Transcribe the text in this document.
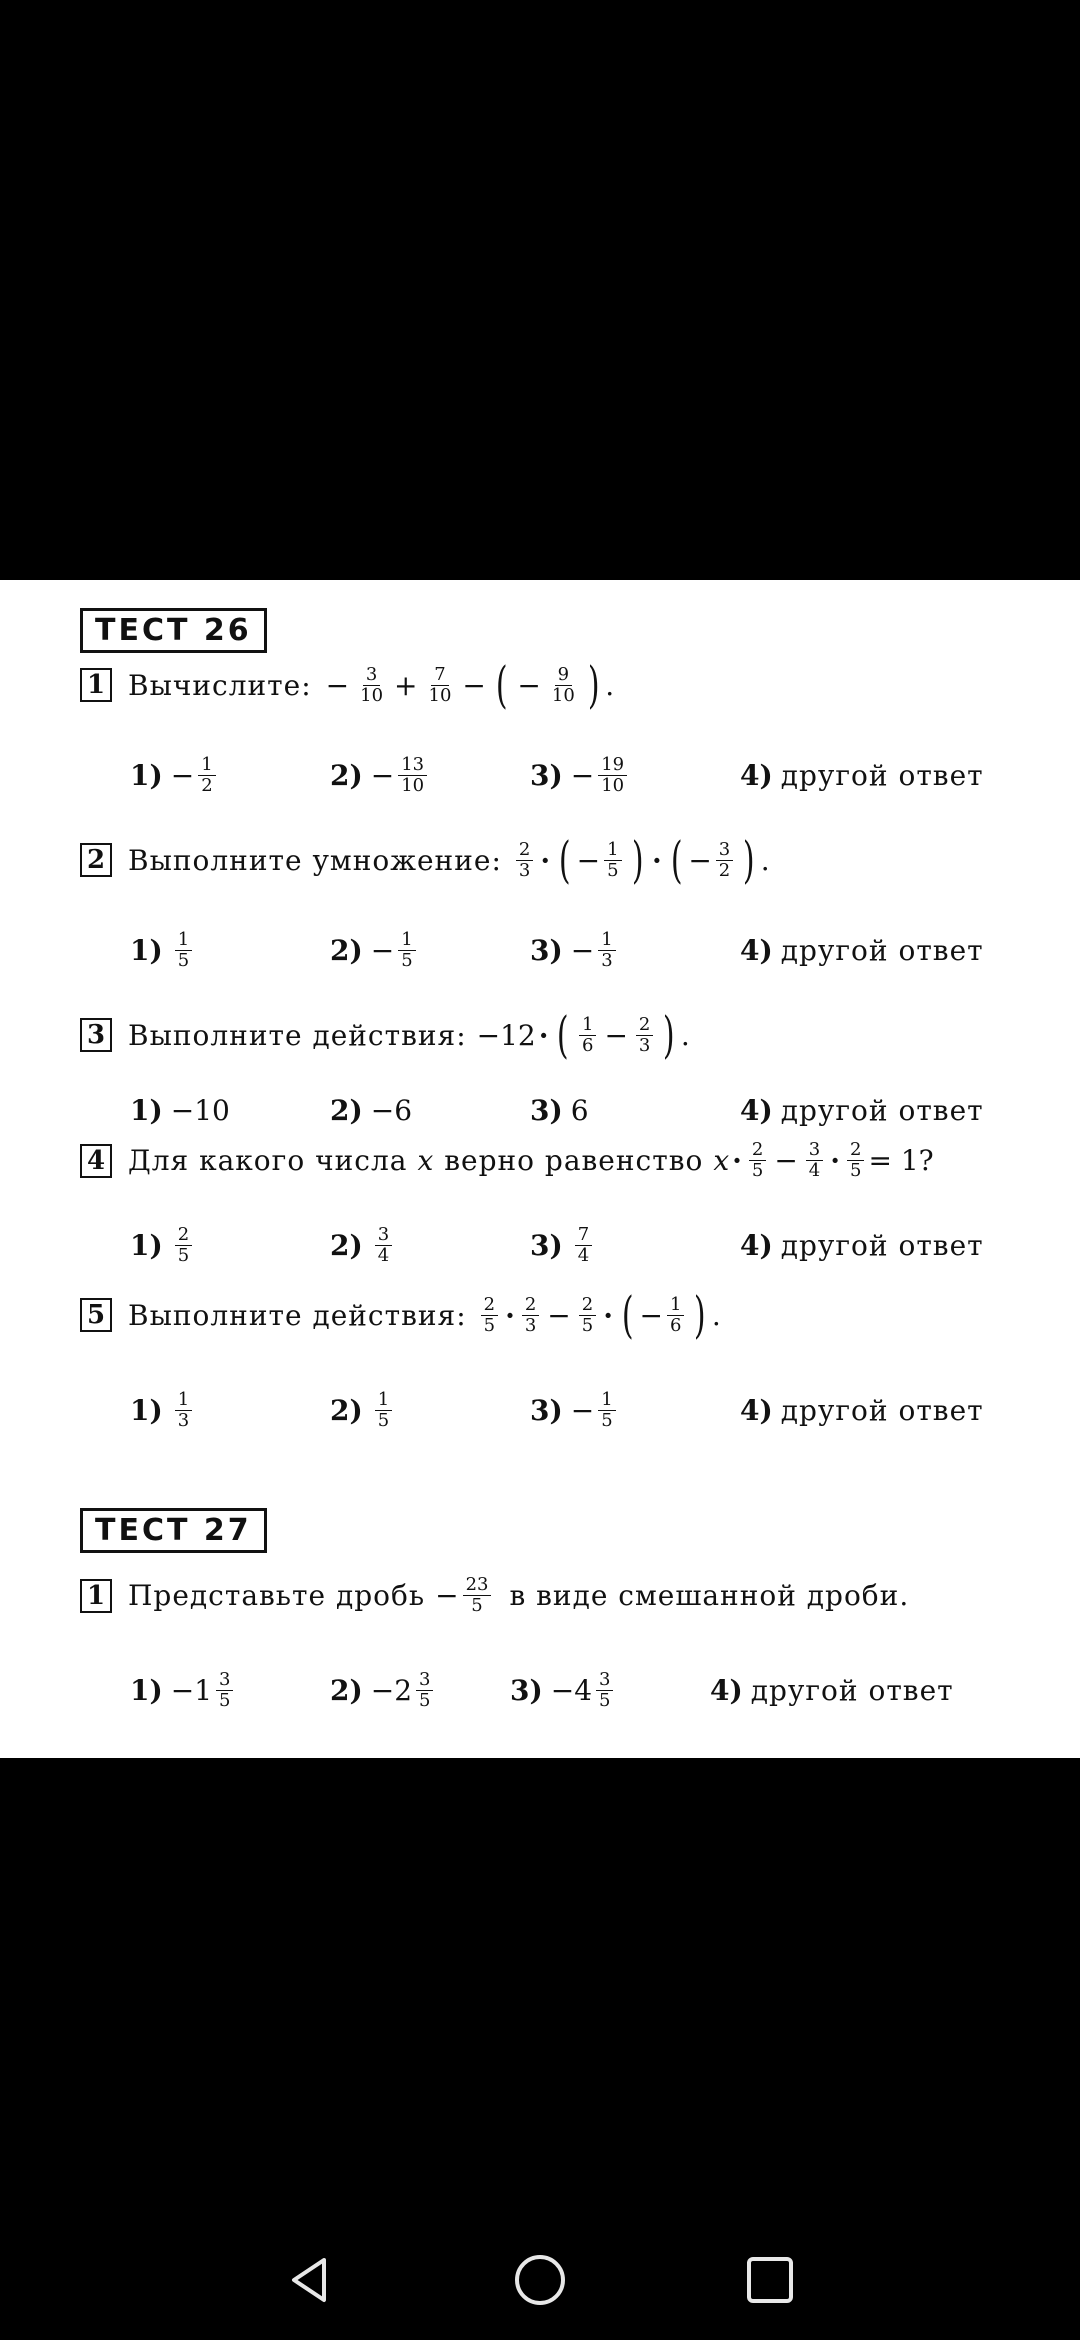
ТЕСТ 26
1 Вычислите: − $\frac{3}{10} + \frac{7}{10}$ − ( − $\frac{9}{10}$ ) .
$1) - \frac{1}{2}$	$2) - \frac{13}{10}$	$3) - \frac{19}{10}$	4) другой ответ
2 Выполните умножение: $\frac{2}{3}$ · ( − $\frac{1}{5}$ ) · ( − $\frac{3}{2}$ ) .
$1) \frac{1}{5}$	$2) - \frac{1}{5}$	$3) - \frac{1}{3}$	4) другой ответ
3 Выполните действия: −12 · ( $\frac{1}{6} - \frac{2}{3}$ ) .
1) −10	2) −6	3) 6	4) другой ответ
4 Для какого числа x верно равенство $x \cdot \frac{2}{5} - \frac{3}{4} \cdot \frac{2}{5} = 1$?
$1) \frac{2}{5}$	$2) \frac{3}{4}$	$3) \frac{7}{4}$	4) другой ответ
5 Выполните действия: $\frac{2}{5} \cdot \frac{2}{3} - \frac{2}{5}$ · ( − $\frac{1}{6}$ ) .
$1) \frac{1}{3}$	$2) \frac{1}{5}$	$3) - \frac{1}{5}$	4) другой ответ
ТЕСТ 27
1 Представьте дробь − $\frac{23}{5}$ в виде смешанной дроби.
$1) - 1 \frac{3}{5}$	$2) - 2 \frac{3}{5}$	$3) - 4 \frac{3}{5}$	4) другой ответ
